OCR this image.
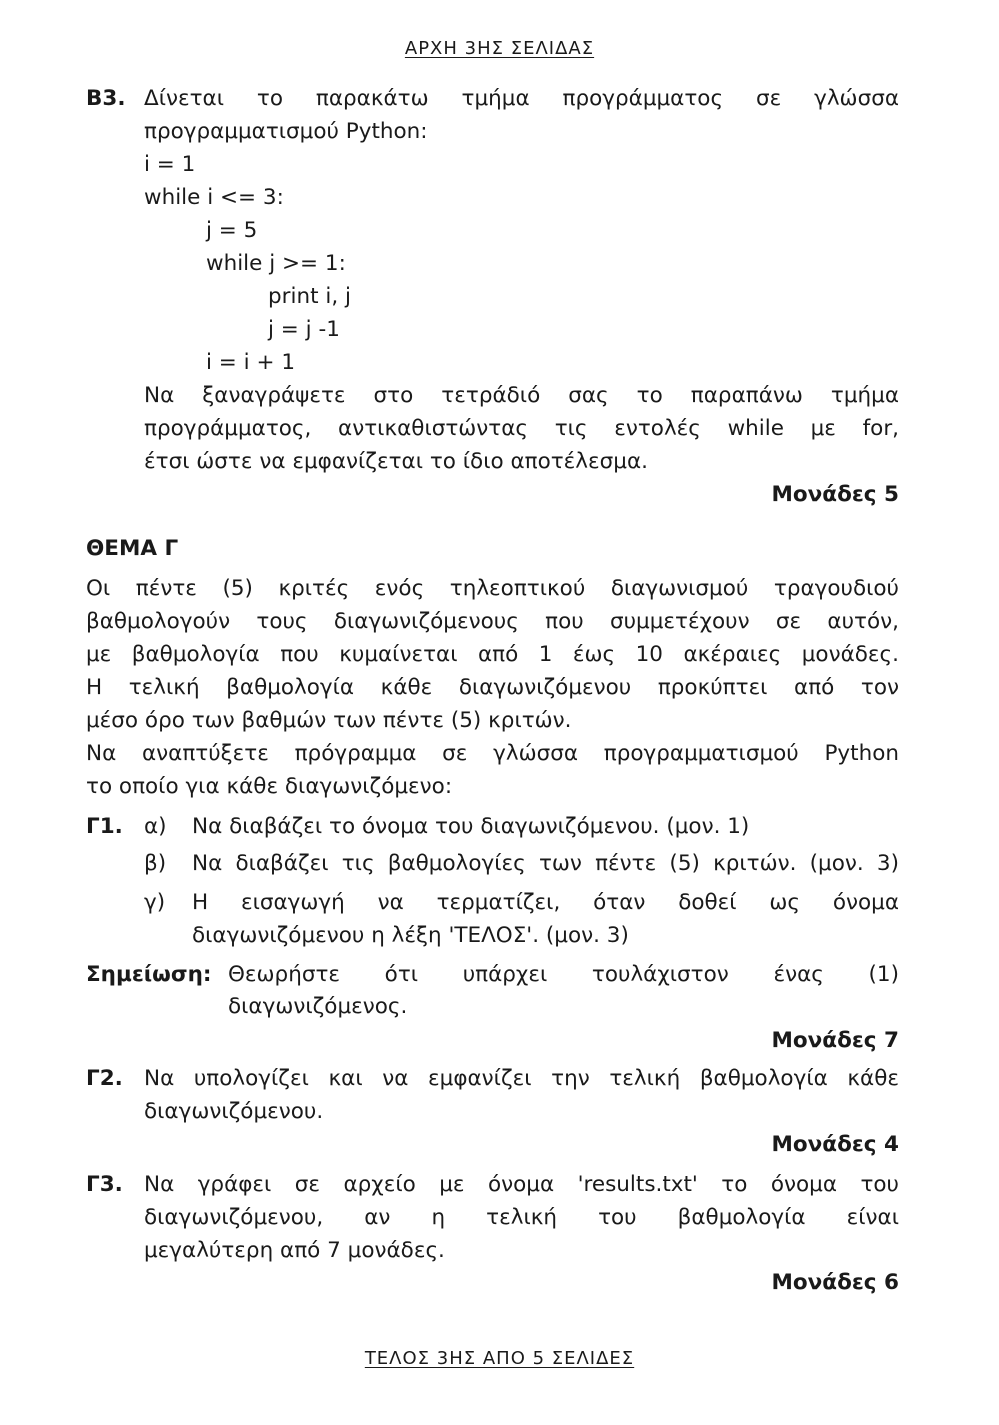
ΑΡΧΗ 3ΗΣ ΣΕΛΙΔΑΣ
Β3. Δίνεται το παρακάτω τμήμα προγράμματος σε γλώσσα
προγραμματισμού Python:
i = 1
while i <= 3:
j = 5
while j >= 1:
print i, j
j = j -1
i = i + 1
Να ξαναγράψετε στο τετράδιό σας το παραπάνω τμήμα
προγράμματος, αντικαθιστώντας τις εντολές while με for,
έτσι ώστε να εμφανίζεται το ίδιο αποτέλεσμα.
Μονάδες 5
ΘΕΜΑ Γ
Οι πέντε (5) κριτές ενός τηλεοπτικού διαγωνισμού τραγουδιού
βαθμολογούν τους διαγωνιζόμενους που συμμετέχουν σε αυτόν,
με βαθμολογία που κυμαίνεται από 1 έως 10 ακέραιες μονάδες.
Η τελική βαθμολογία κάθε διαγωνιζόμενου προκύπτει από τον
μέσο όρο των βαθμών των πέντε (5) κριτών.
Να αναπτύξετε πρόγραμμα σε γλώσσα προγραμματισμού Python
το οποίο για κάθε διαγωνιζόμενο:
Γ1. α) Να διαβάζει το όνομα του διαγωνιζόμενου. (μον. 1)
β) Να διαβάζει τις βαθμολογίες των πέντε (5) κριτών. (μον. 3)
γ) Η εισαγωγή να τερματίζει, όταν δοθεί ως όνομα
διαγωνιζόμενου η λέξη 'ΤΕΛΟΣ'. (μον. 3)
Σημείωση: Θεωρήστε ότι υπάρχει τουλάχιστον ένας (1)
διαγωνιζόμενος.
Μονάδες 7
Γ2. Να υπολογίζει και να εμφανίζει την τελική βαθμολογία κάθε
διαγωνιζόμενου.
Μονάδες 4
Γ3. Να γράφει σε αρχείο με όνομα 'results.txt' το όνομα του
διαγωνιζόμενου, αν η τελική του βαθμολογία είναι
μεγαλύτερη από 7 μονάδες.
Μονάδες 6
ΤΕΛΟΣ 3ΗΣ ΑΠΟ 5 ΣΕΛΙΔΕΣ
